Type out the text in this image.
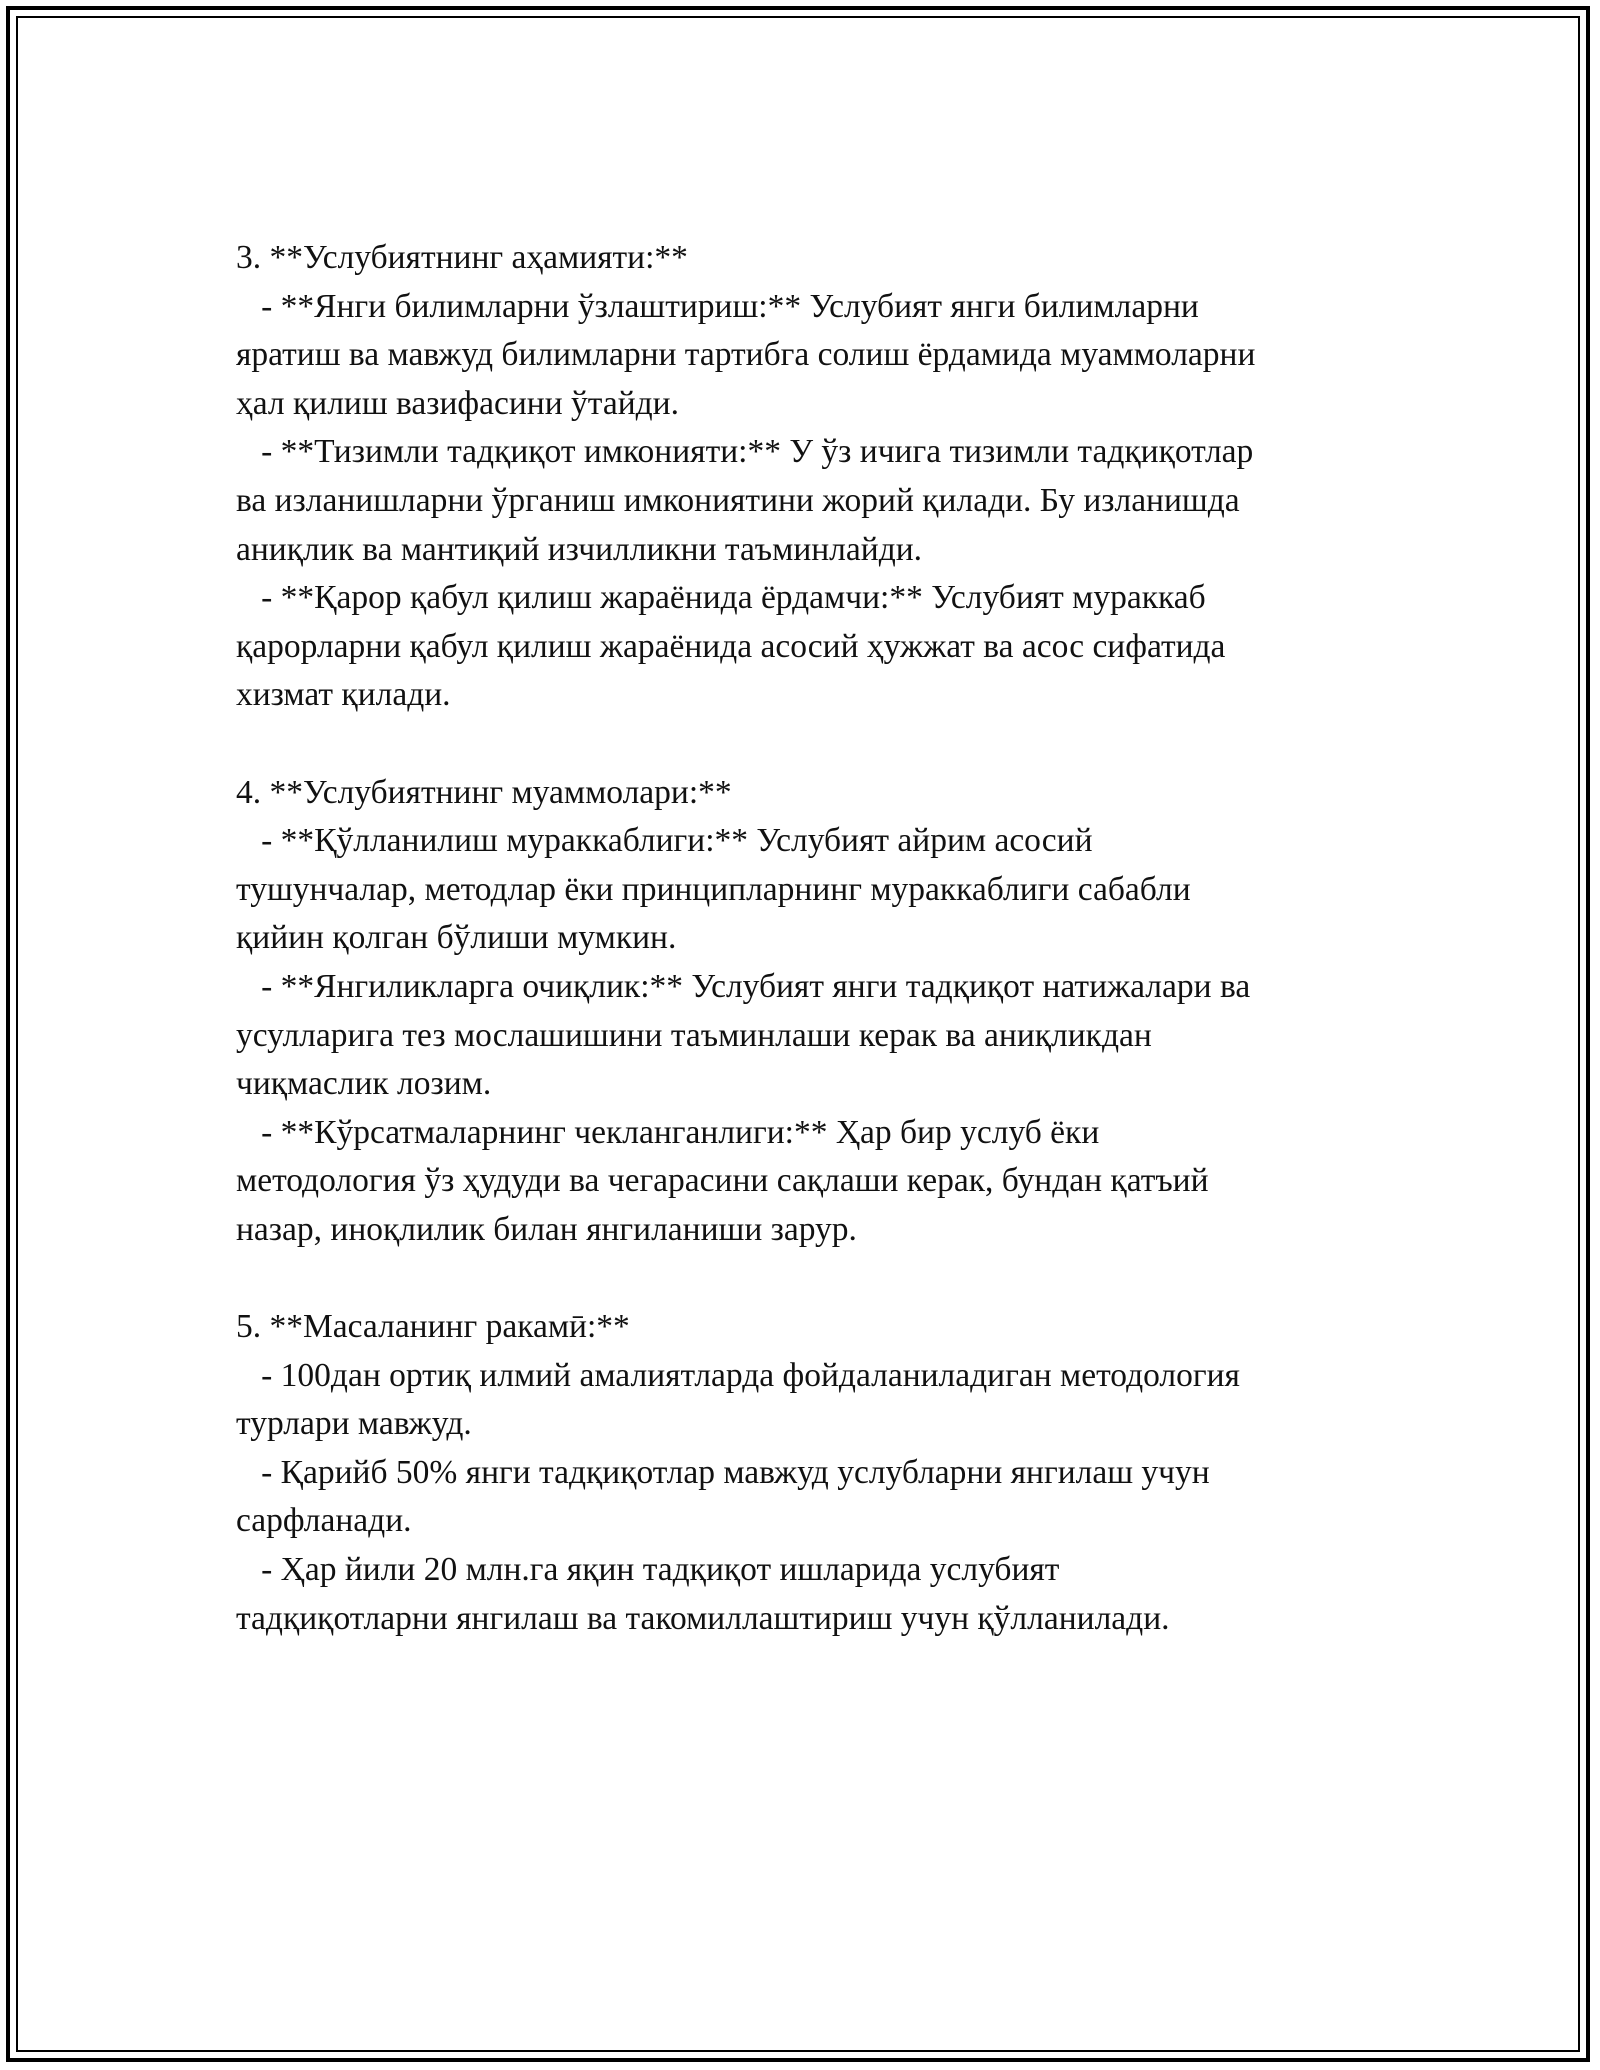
3. **Услубиятнинг аҳамияти:**
- **Янги билимларни ўзлаштириш:** Услубият янги билимларни
яратиш ва мавжуд билимларни тартибга солиш ёрдамида муаммоларни
ҳал қилиш вазифасини ўтайди.
- **Тизимли тадқиқот имконияти:** У ўз ичига тизимли тадқиқотлар
ва изланишларни ўрганиш имкониятини жорий қилади. Бу изланишда
аниқлик ва мантиқий изчилликни таъминлайди.
- **Қарор қабул қилиш жараёнида ёрдамчи:** Услубият мураккаб
қарорларни қабул қилиш жараёнида асосий ҳужжат ва асос сифатида
хизмат қилади.
4. **Услубиятнинг муаммолари:**
- **Қўлланилиш мураккаблиги:** Услубият айрим асосий
тушунчалар, методлар ёки принципларнинг мураккаблиги сабабли
қийин қолган бўлиши мумкин.
- **Янгиликларга очиқлик:** Услубият янги тадқиқот натижалари ва
усулларига тез мослашишини таъминлаши керак ва аниқликдан
чиқмаслик лозим.
- **Кўрсатмаларнинг чекланганлиги:** Ҳар бир услуб ёки
методология ўз ҳудуди ва чегарасини сақлаши керак, бундан қатъий
назар, иноқлилик билан янгиланиши зарур.
5. **Масаланинг ракамӣ:**
- 100дан ортиқ илмий амалиятларда фойдаланиладиган методология
турлари мавжуд.
- Қарийб 50% янги тадқиқотлар мавжуд услубларни янгилаш учун
сарфланади.
- Ҳар йили 20 млн.га яқин тадқиқот ишларида услубият
тадқиқотларни янгилаш ва такомиллаштириш учун қўлланилади.
